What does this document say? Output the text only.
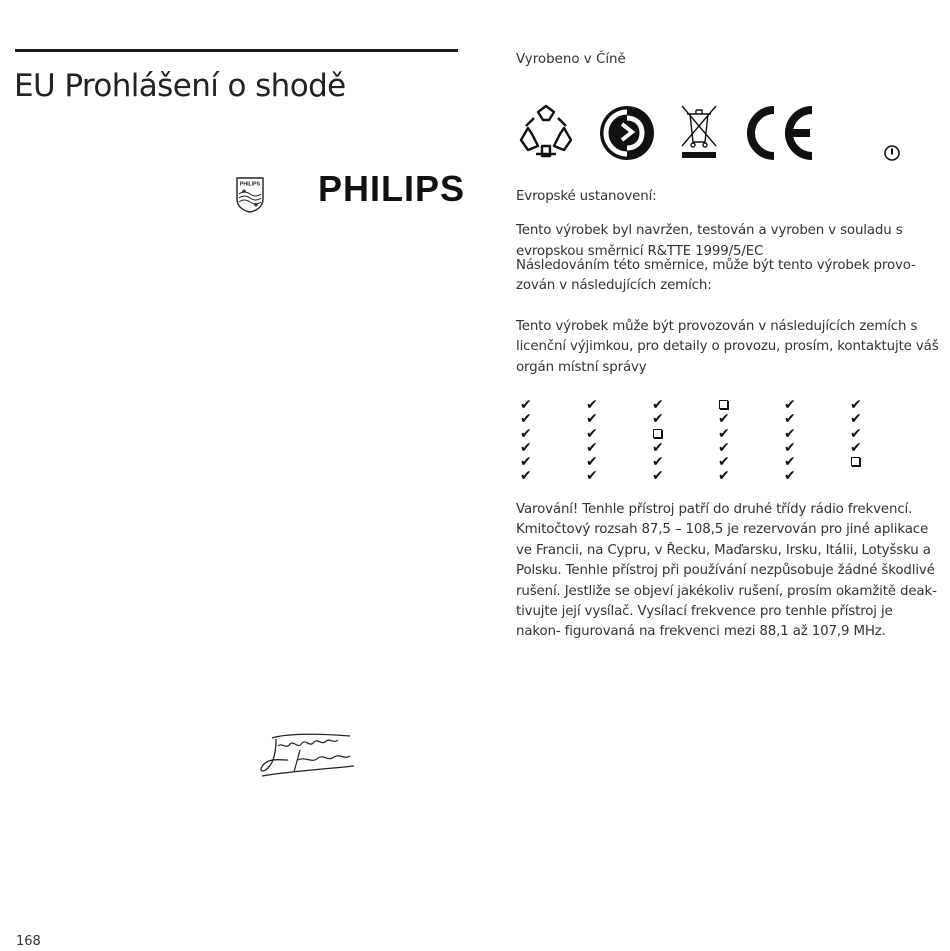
EU Prohlášení o shodě
PHILIPS PHILIPS
168
Vyrobeno v Číně

Evropské ustanovení:

Tento výrobek byl navržen, testován a vyroben v souladu s evropskou směrnicí R&TTE 1999/5/EC

Následováním této směrnice, může být tento výrobek provo- zován v následujících zemích:
Tento výrobek může být provozován v následujících zemích s licenční výjimkou, pro detaily o provozu, prosím, kontaktujte váš orgán místní správy
✔
✔
✔
✔
✔
✔
✔
✔
✔
✔
✔
✔
✔
✔
✔
✔
✔
✔
✔
✔
✔
✔
✔
✔
✔
✔
✔
✔
✔
✔
✔
✔
Varování! Tenhle přístroj patří do druhé třídy rádio frekvencí. Kmitočtový rozsah 87,5 – 108,5 je rezervován pro jiné aplikace ve Francii, na Cypru, v Řecku, Maďarsku, Irsku, Itálii, Lotyšsku a Polsku. Tenhle přístroj při používání nezpůsobuje žádné škodlivé rušení. Jestliže se objeví jakékoliv rušení, prosím okamžitě deak- tivujte její vysílač. Vysílací frekvence pro tenhle přístroj je nakon- figurovaná na frekvenci mezi 88,1 až 107,9 MHz.
